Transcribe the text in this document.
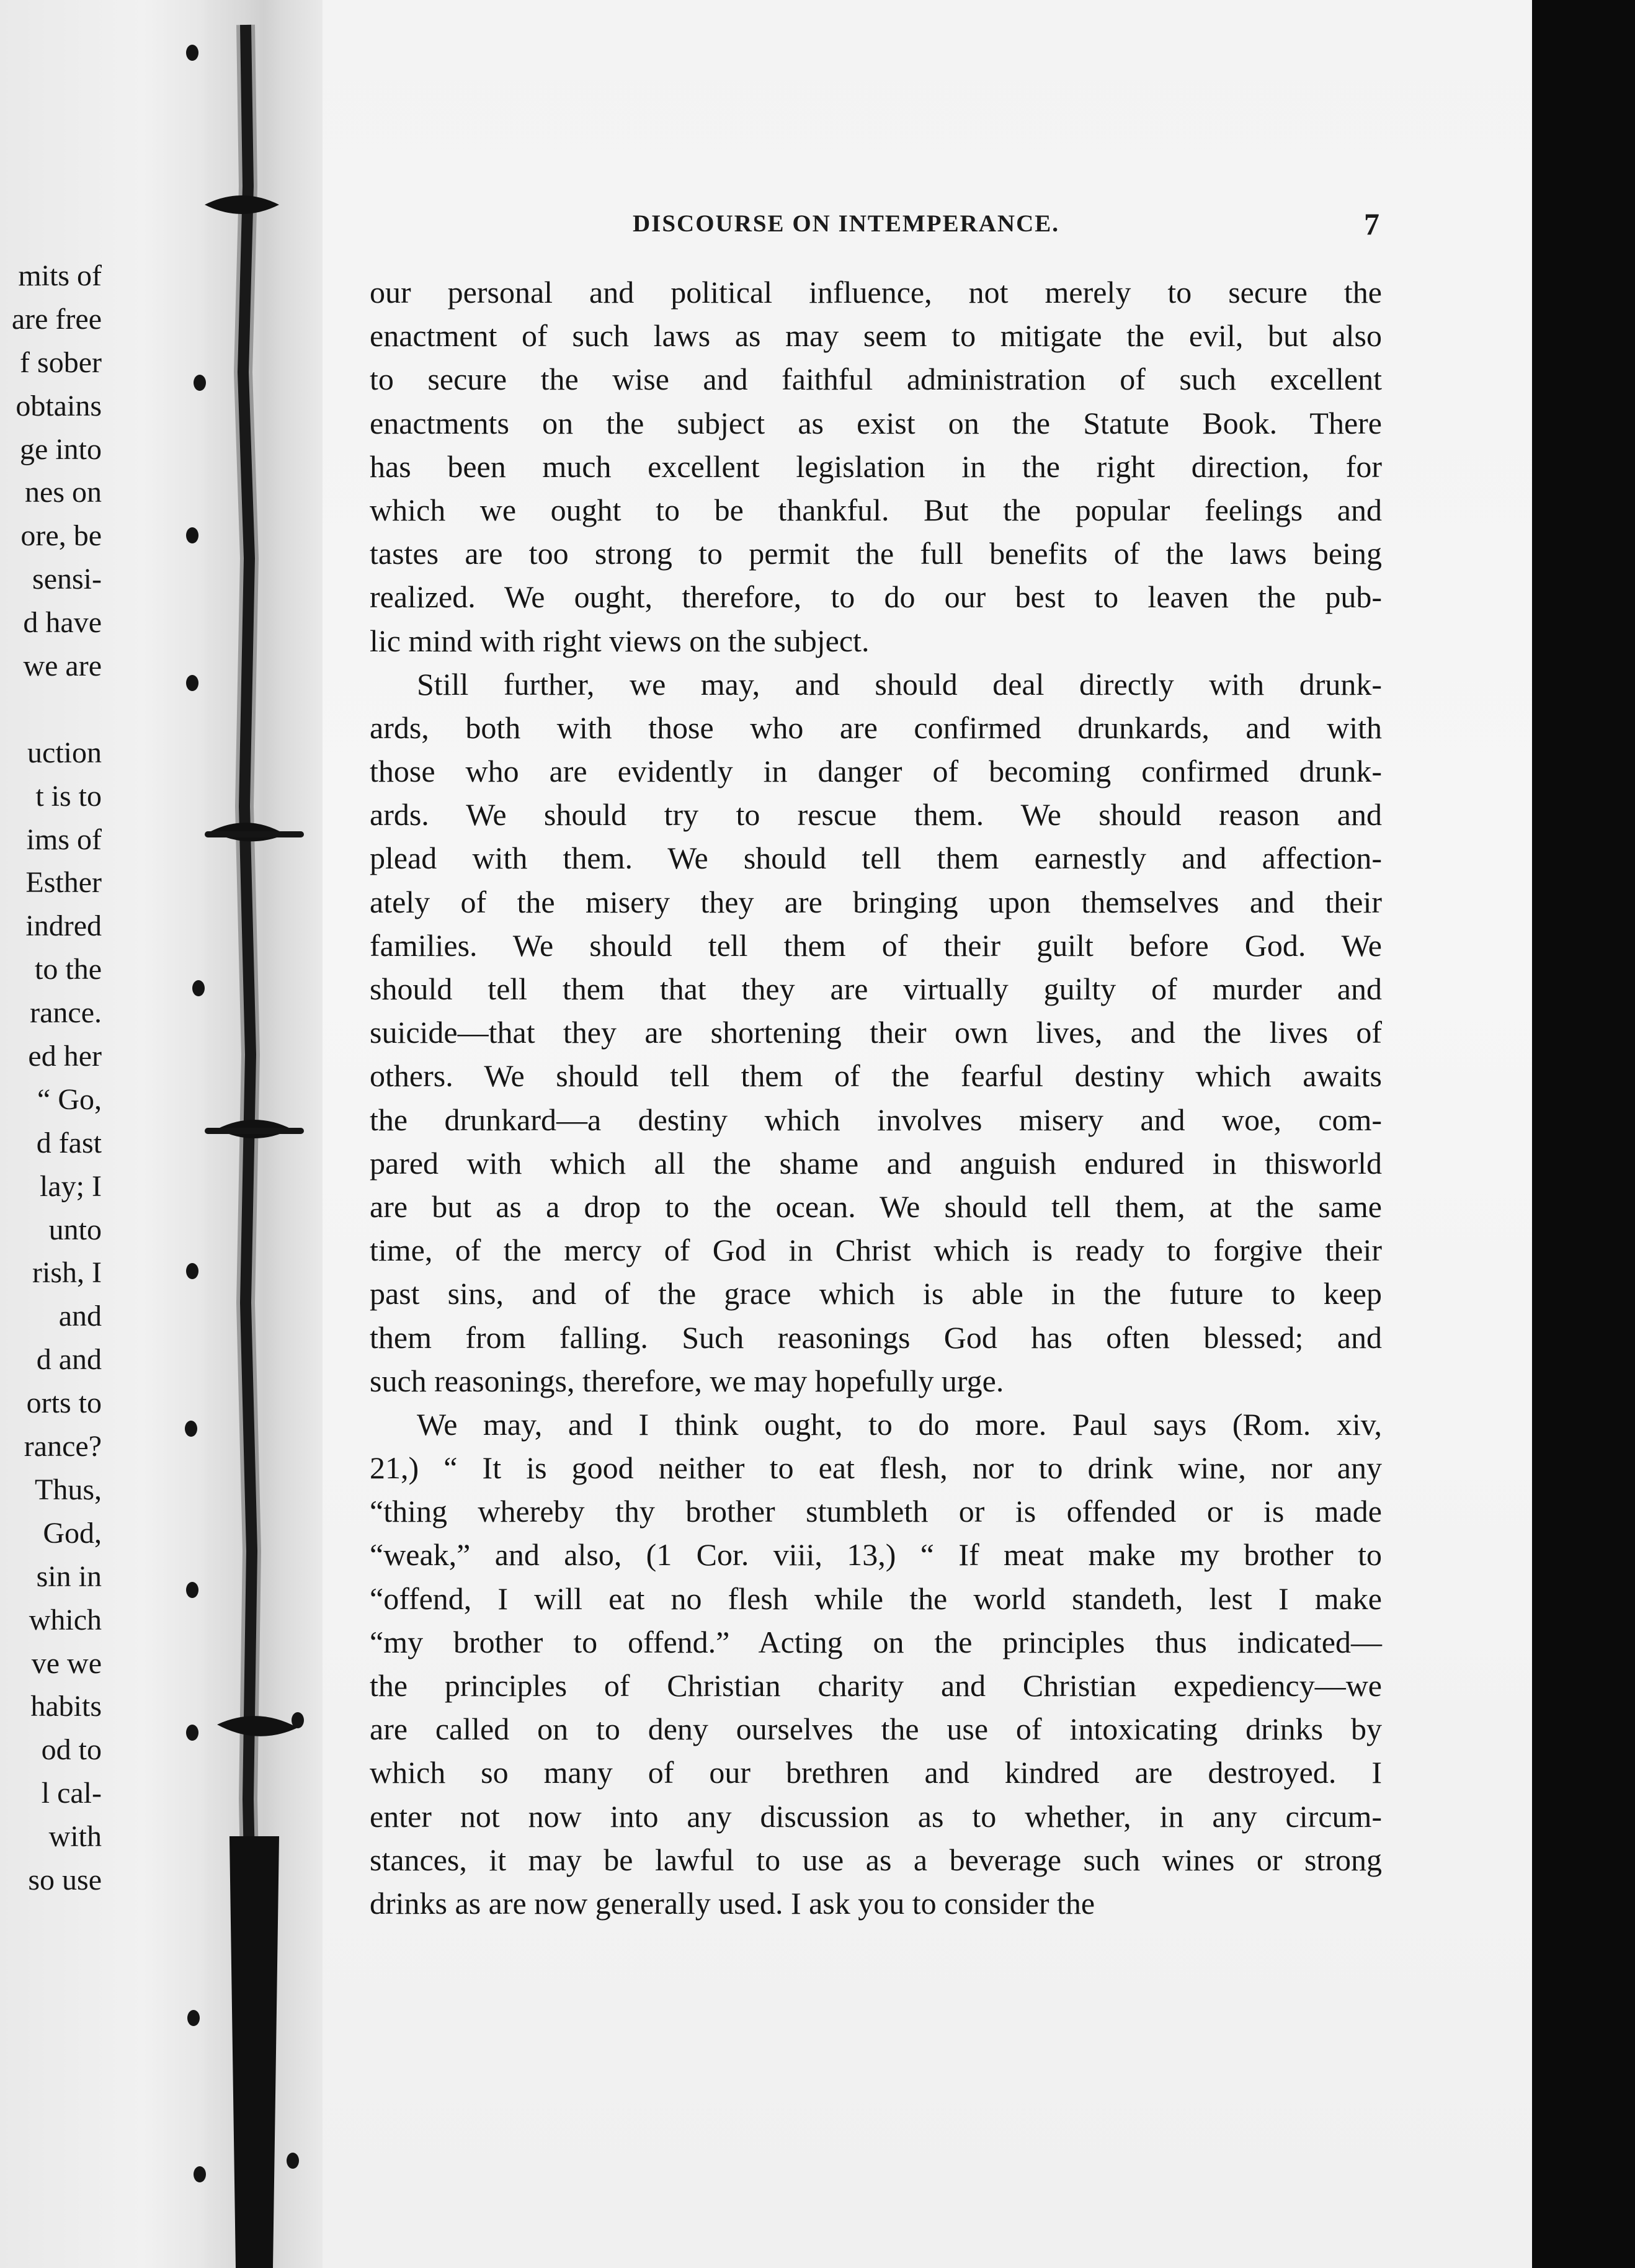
mits of
are free
f sober
obtains
ge into
nes on
ore, be
sensi-
d have
we are
uction
t is to
ims of
Esther
indred
to the
rance.
ed her
“ Go,
d fast
lay; I
unto
rish, I
and
d and
orts to
rance?
Thus,
God,
sin in
which
ve we
habits
od to
l cal-
with
so use
DISCOURSE ON INTEMPERANCE.	7
our personal and political influence, not merely to secure the
enactment of such laws as may seem to mitigate the evil, but also
to secure the wise and faithful administration of such excellent
enactments on the subject as exist on the Statute Book. There
has been much excellent legislation in the right direction, for
which we ought to be thankful. But the popular feelings and
tastes are too strong to permit the full benefits of the laws being
realized. We ought, therefore, to do our best to leaven the pub-
lic mind with right views on the subject.
Still further, we may, and should deal directly with drunk-
ards, both with those who are confirmed drunkards, and with
those who are evidently in danger of becoming confirmed drunk-
ards. We should try to rescue them. We should reason and
plead with them. We should tell them earnestly and affection-
ately of the misery they are bringing upon themselves and their
families. We should tell them of their guilt before God. We
should tell them that they are virtually guilty of murder and
suicide—that they are shortening their own lives, and the lives of
others. We should tell them of the fearful destiny which awaits
the drunkard—a destiny which involves misery and woe, com-
pared with which all the shame and anguish endured in thisworld
are but as a drop to the ocean. We should tell them, at the same
time, of the mercy of God in Christ which is ready to forgive their
past sins, and of the grace which is able in the future to keep
them from falling. Such reasonings God has often blessed; and
such reasonings, therefore, we may hopefully urge.
We may, and I think ought, to do more. Paul says (Rom. xiv,
21,) “ It is good neither to eat flesh, nor to drink wine, nor any
“thing whereby thy brother stumbleth or is offended or is made
“weak,” and also, (1 Cor. viii, 13,) “ If meat make my brother to
“offend, I will eat no flesh while the world standeth, lest I make
“my brother to offend.” Acting on the principles thus indicated—
the principles of Christian charity and Christian expediency—we
are called on to deny ourselves the use of intoxicating drinks by
which so many of our brethren and kindred are destroyed. I
enter not now into any discussion as to whether, in any circum-
stances, it may be lawful to use as a beverage such wines or strong
drinks as are now generally used. I ask you to consider the
